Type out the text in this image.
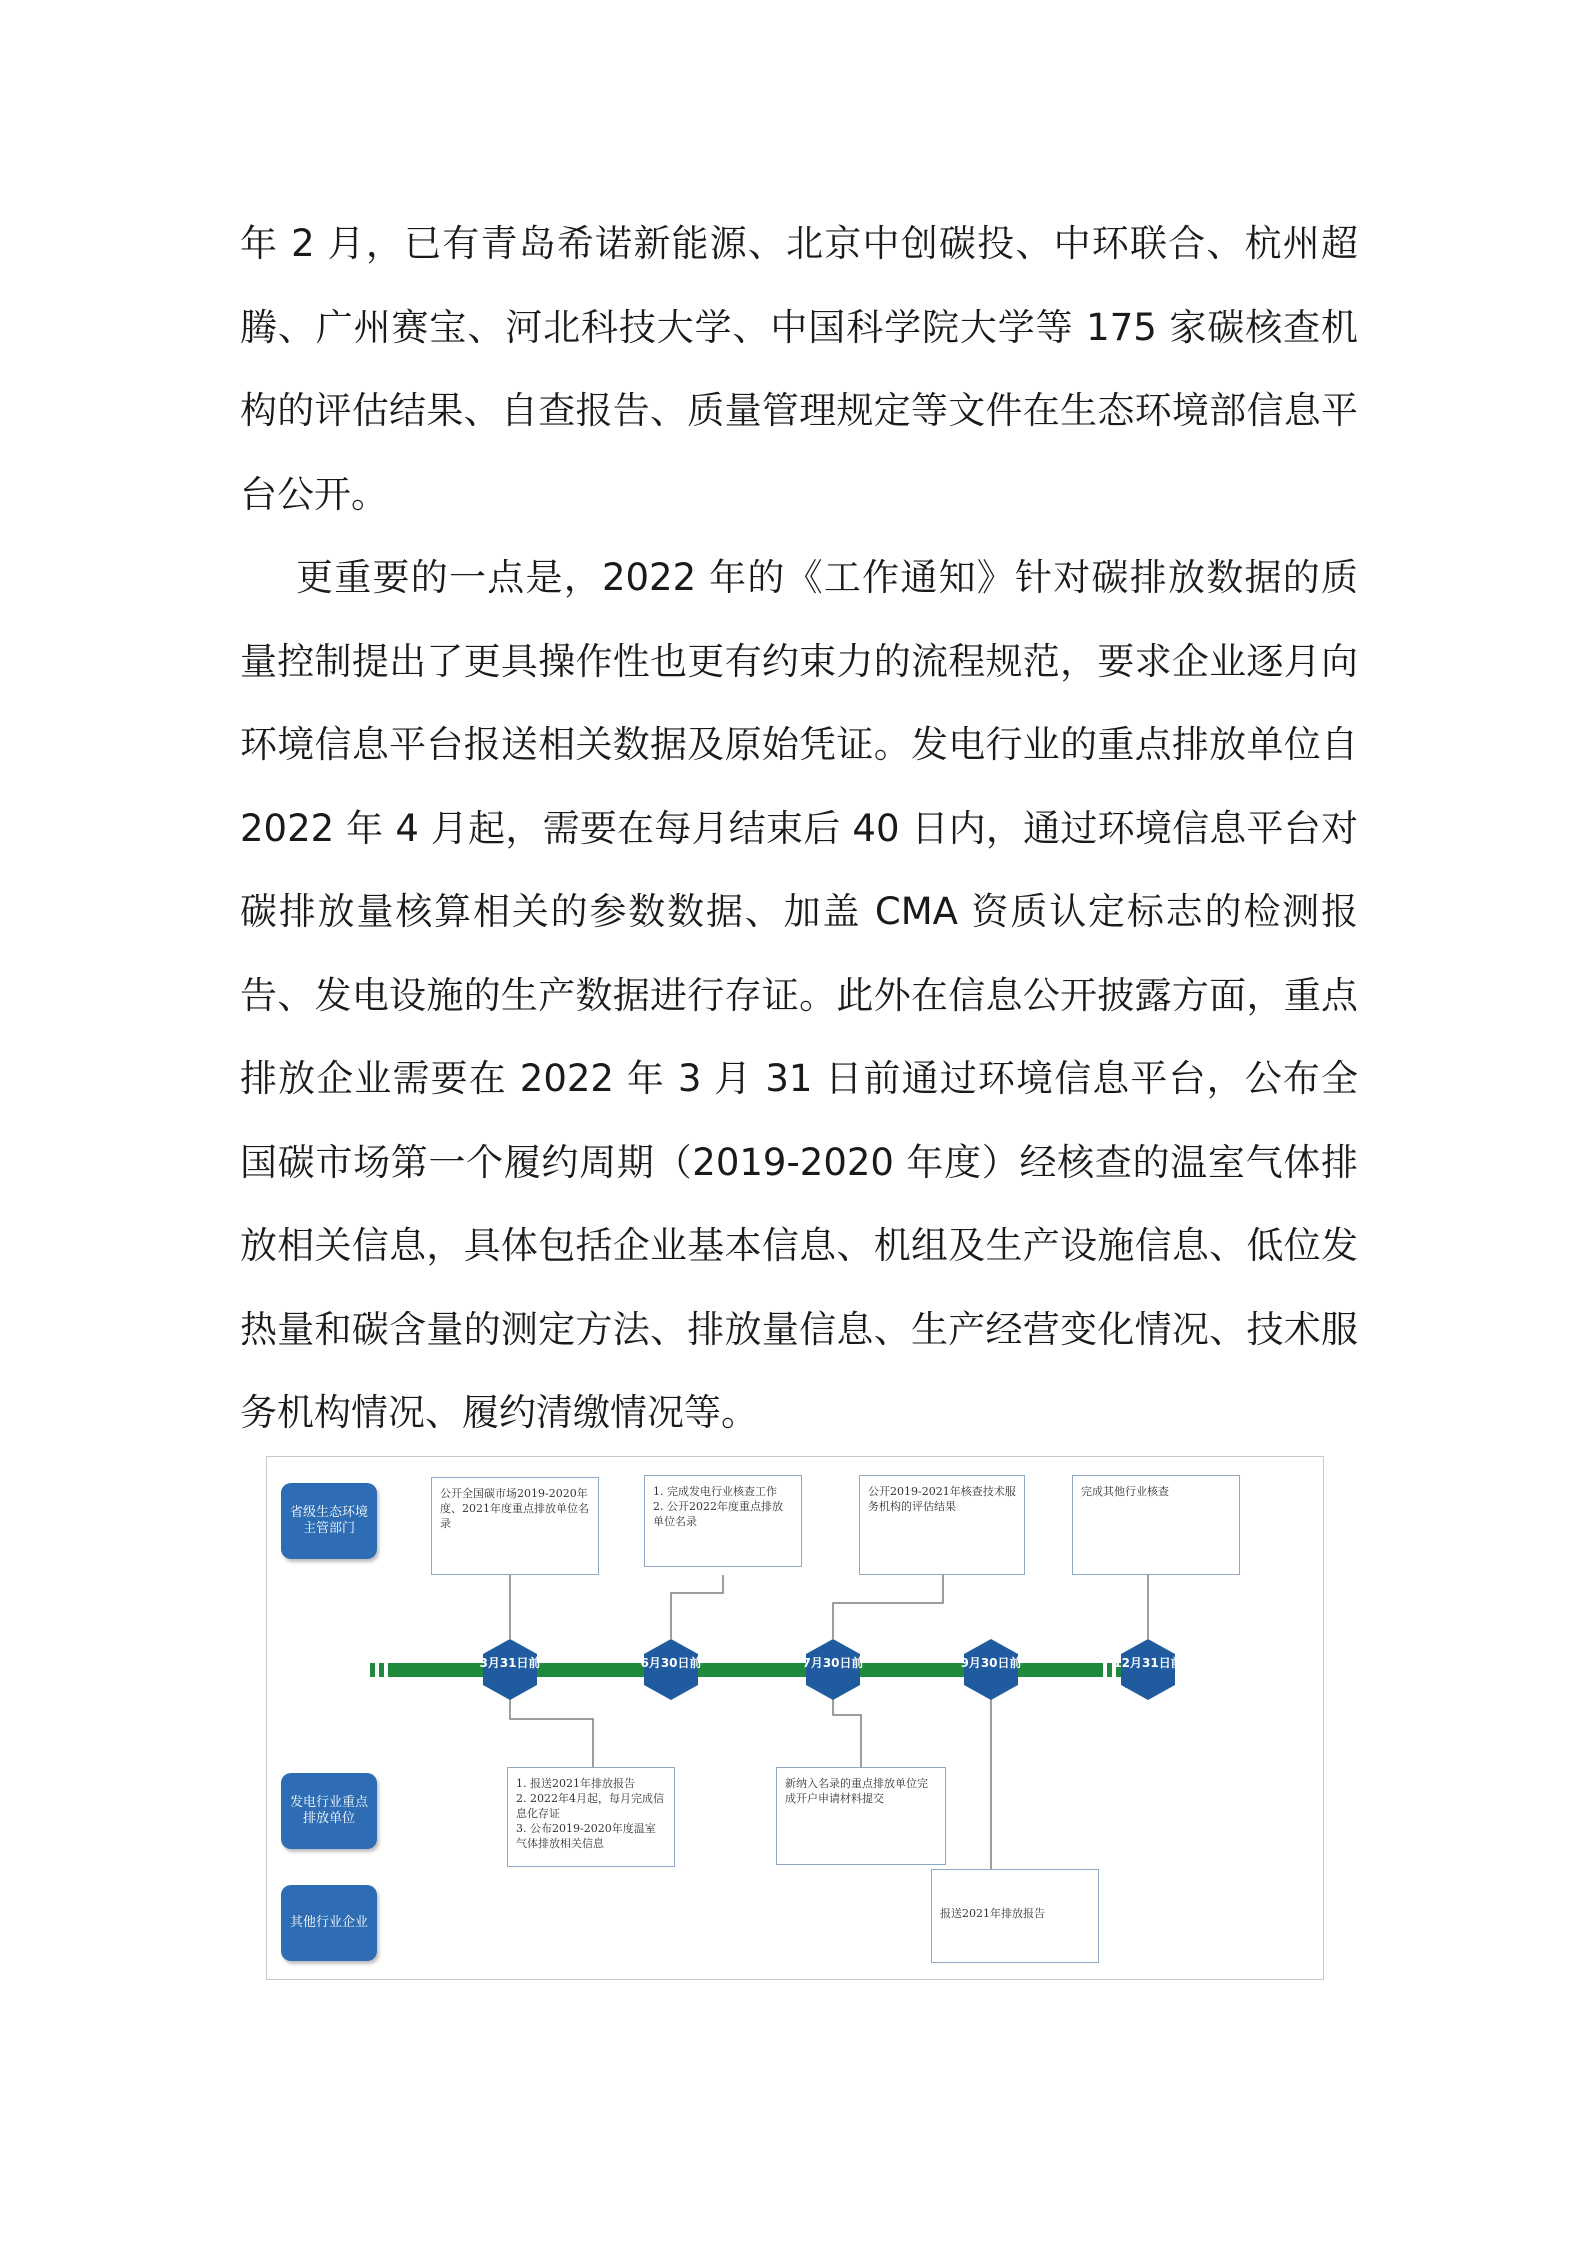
年 2 月，已有青岛希诺新能源、北京中创碳投、中环联合、杭州超腾、广州赛宝、河北科技大学、中国科学院大学等 175 家碳核查机构的评估结果、自查报告、质量管理规定等文件在生态环境部信息平台公开。

更重要的一点是，2022 年的《工作通知》针对碳排放数据的质量控制提出了更具操作性也更有约束力的流程规范，要求企业逐月向环境信息平台报送相关数据及原始凭证。发电行业的重点排放单位自 2022 年 4 月起，需要在每月结束后 40 日内，通过环境信息平台对碳排放量核算相关的参数数据、加盖 CMA 资质认定标志的检测报告、发电设施的生产数据进行存证。此外在信息公开披露方面，重点排放企业需要在 2022 年 3 月 31 日前通过环境信息平台，公布全国碳市场第一个履约周期（2019-2020 年度）经核查的温室气体排放相关信息，具体包括企业基本信息、机组及生产设施信息、低位发热量和碳含量的测定方法、排放量信息、生产经营变化情况、技术服务机构情况、履约清缴情况等。

3月31日前	6月30日前	7月30日前	9月30日前	12月31日前
省级生态环境主管部门
发电行业重点排放单位
其他行业企业
公开全国碳市场2019-2020年度、2021年度重点排放单位名录
1. 完成发电行业核查工作
2. 公开2022年度重点排放单位名录
公开2019-2021年核查技术服务机构的评估结果
完成其他行业核查
1. 报送2021年排放报告
2. 2022年4月起，每月完成信息化存证
3. 公布2019-2020年度温室气体排放相关信息
新纳入名录的重点排放单位完成开户申请材料提交
报送2021年排放报告
